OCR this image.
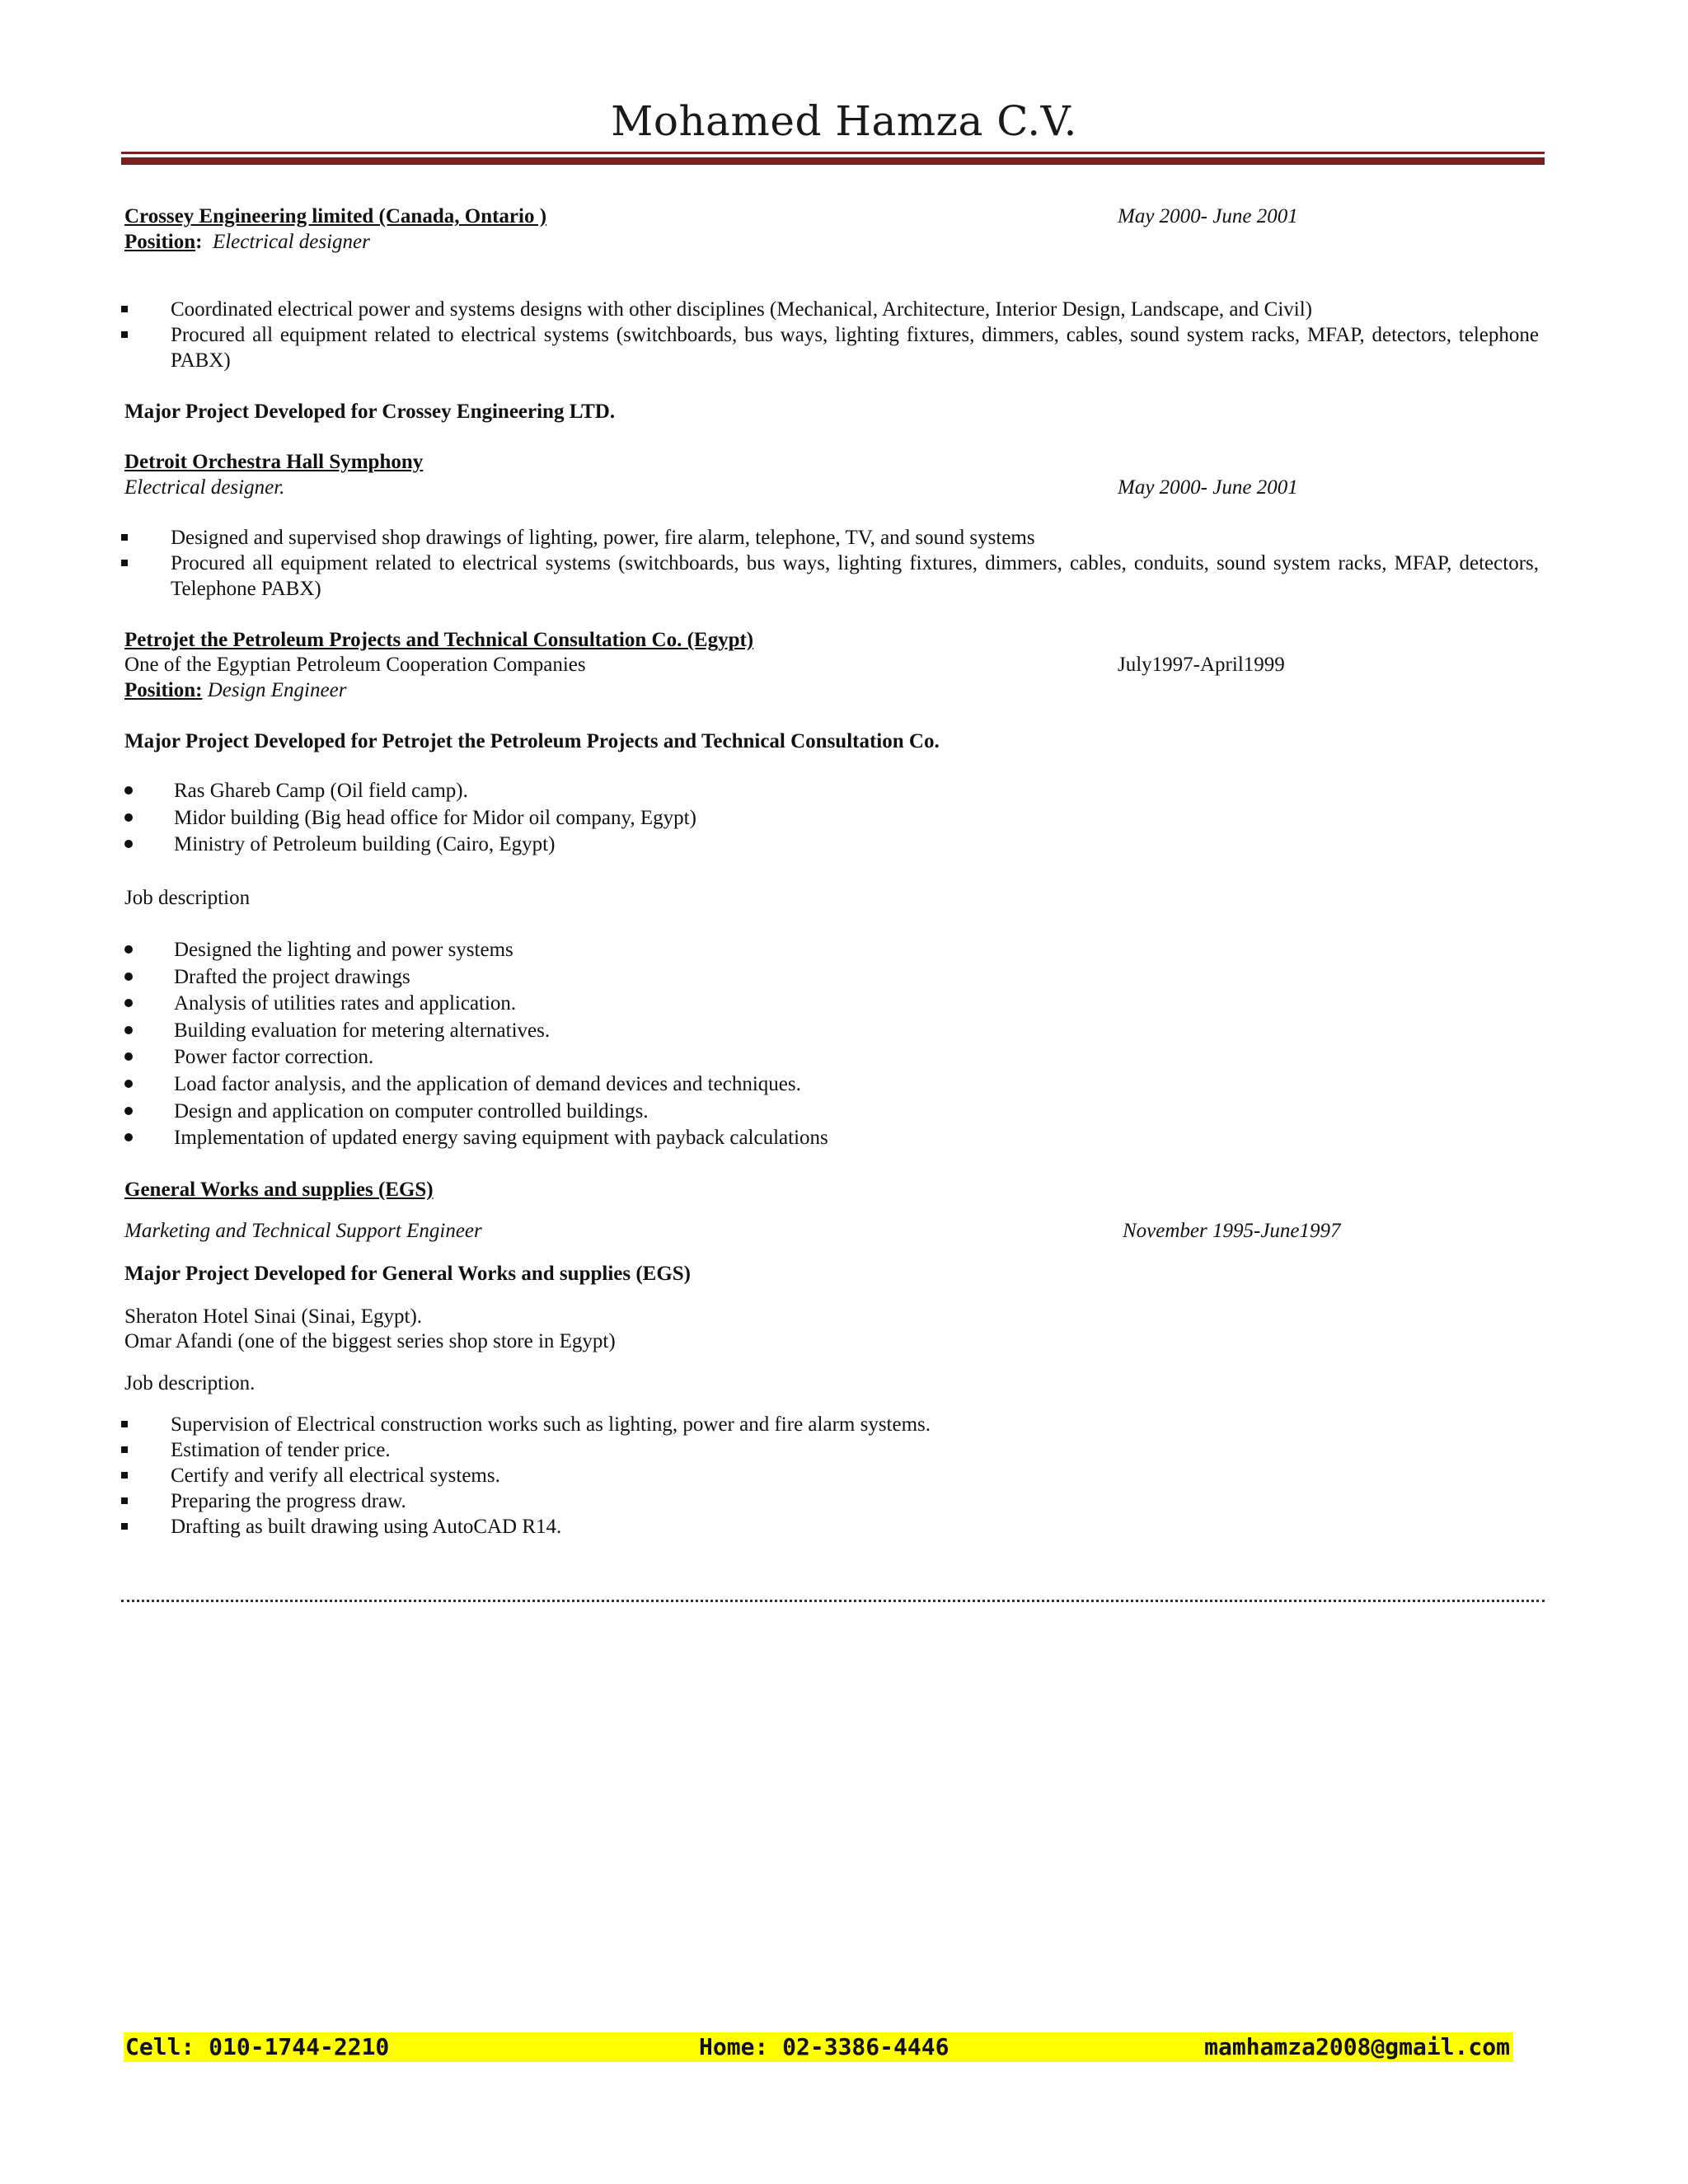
Mohamed Hamza C.V.
Crossey Engineering limited (Canada, Ontario )	May 2000- June 2001
Position: Electrical designer
Coordinated electrical power and systems designs with other disciplines (Mechanical, Architecture, Interior Design, Landscape, and Civil)
Procured all equipment related to electrical systems (switchboards, bus ways, lighting fixtures, dimmers, cables, sound system racks, MFAP, detectors, telephone PABX)
Major Project Developed for Crossey Engineering LTD.
Detroit Orchestra Hall Symphony
Electrical designer.	May 2000- June 2001
Designed and supervised shop drawings of lighting, power, fire alarm, telephone, TV, and sound systems
Procured all equipment related to electrical systems (switchboards, bus ways, lighting fixtures, dimmers, cables, conduits, sound system racks, MFAP, detectors, Telephone PABX)
Petrojet the Petroleum Projects and Technical Consultation Co. (Egypt)
One of the Egyptian Petroleum Cooperation Companies	July1997-April1999
Position: Design Engineer
Major Project Developed for Petrojet the Petroleum Projects and Technical Consultation Co.
Ras Ghareb Camp (Oil field camp).
Midor building (Big head office for Midor oil company, Egypt)
Ministry of Petroleum building (Cairo, Egypt)
Job description
Designed the lighting and power systems
Drafted the project drawings
Analysis of utilities rates and application.
Building evaluation for metering alternatives.
Power factor correction.
Load factor analysis, and the application of demand devices and techniques.
Design and application on computer controlled buildings.
Implementation of updated energy saving equipment with payback calculations
General Works and supplies (EGS)
Marketing and Technical Support Engineer	November 1995-June1997
Major Project Developed for General Works and supplies (EGS)
Sheraton Hotel Sinai (Sinai, Egypt).
Omar Afandi (one of the biggest series shop store in Egypt)
Job description.
Supervision of Electrical construction works such as lighting, power and fire alarm systems.
Estimation of tender price.
Certify and verify all electrical systems.
Preparing the progress draw.
Drafting as built drawing using AutoCAD R14.
Cell: 010-1744-2210	Home: 02-3386-4446	mamhamza2008@gmail.com
